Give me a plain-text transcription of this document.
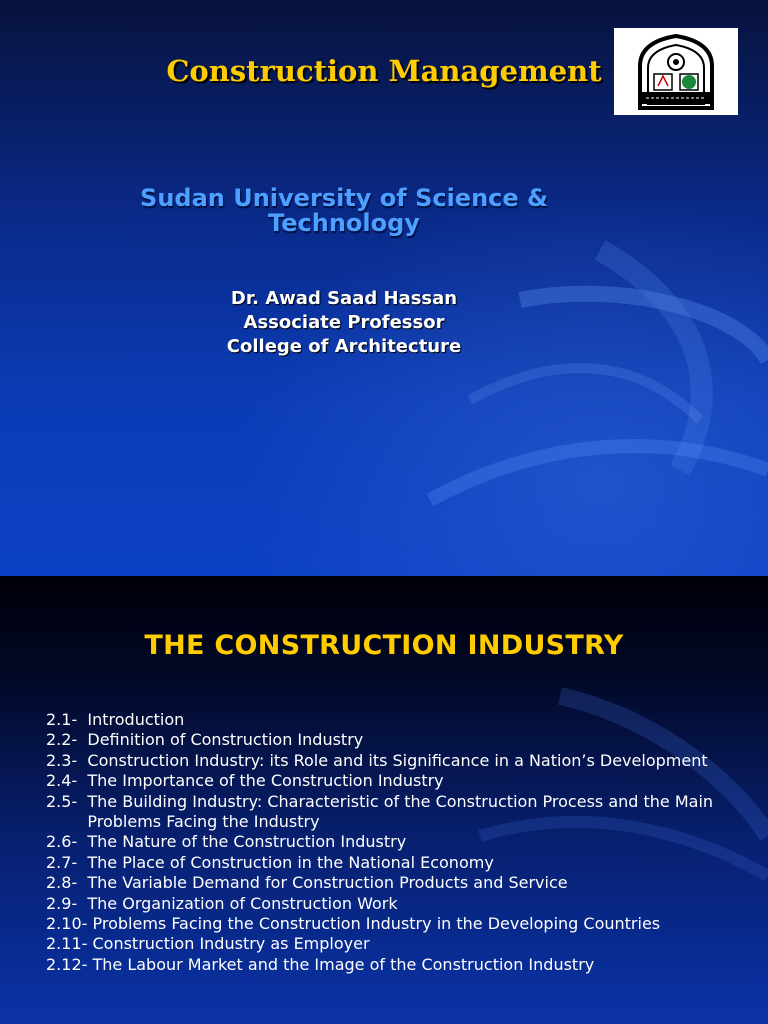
Construction Management
Sudan University of Science &
Technology
Dr. Awad Saad Hassan
Associate Professor
College of Architecture
THE CONSTRUCTION INDUSTRY
2.1- Introduction
2.2- Definition of Construction Industry
2.3- Construction Industry: its Role and its Significance in a Nation’s Development
2.4- The Importance of the Construction Industry
2.5- The Building Industry: Characteristic of the Construction Process and the Main Problems Facing the Industry
2.6- The Nature of the Construction Industry
2.7- The Place of Construction in the National Economy
2.8- The Variable Demand for Construction Products and Service
2.9- The Organization of Construction Work
2.10- Problems Facing the Construction Industry in the Developing Countries
2.11- Construction Industry as Employer
2.12- The Labour Market and the Image of the Construction Industry
